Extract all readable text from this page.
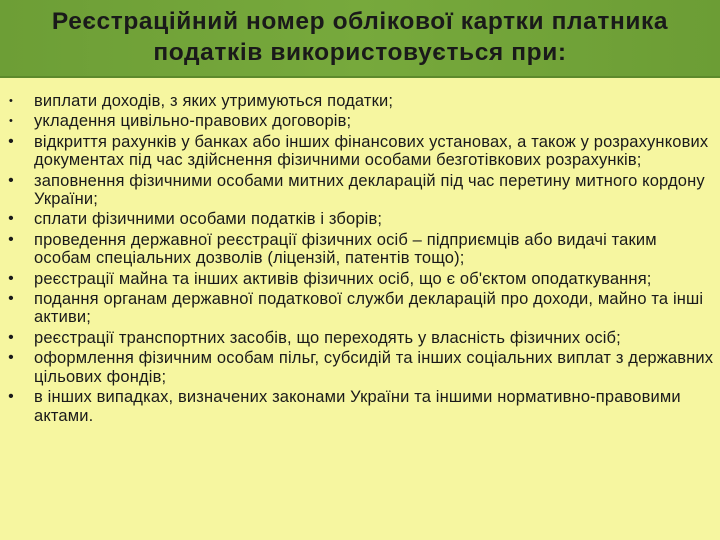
Реєстраційний номер облікової картки платника
податків використовується при:
• виплати доходів, з яких утримуються податки;
• укладення цивільно-правових договорів;
• відкриття рахунків у банках або інших фінансових установах, а також у розрахункових документах під час здійснення фізичними особами безготівкових розрахунків;
• заповнення фізичними особами митних декларацій під час перетину митного кордону України;
• сплати фізичними особами податків і зборів;
• проведення державної реєстрації фізичних осіб – підприємців або видачі таким особам спеціальних дозволів (ліцензій, патентів тощо);
• реєстрації майна та інших активів фізичних осіб, що є об'єктом оподаткування;
• подання органам державної податкової служби декларацій про доходи, майно та інші активи;
• реєстрації транспортних засобів, що переходять у власність фізичних осіб;
• оформлення фізичним особам пільг, субсидій та інших соціальних виплат з державних цільових фондів;
• в інших випадках, визначених законами України та іншими нормативно-правовими актами.
